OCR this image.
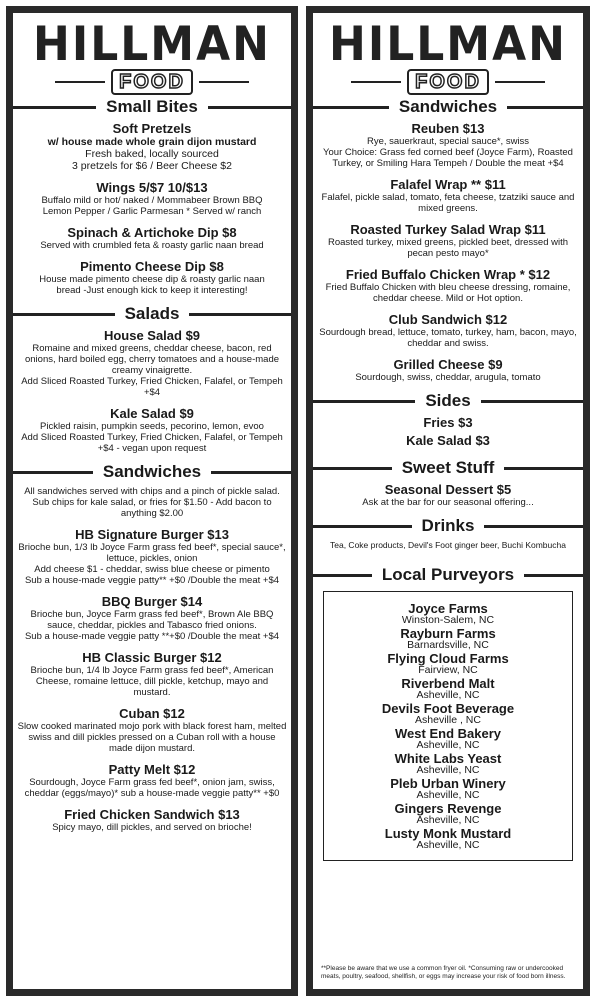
HILLMAN
FOOD
Small Bites
Soft Pretzels
w/ house made whole grain dijon mustard
Fresh baked, locally sourced
3 pretzels for $6 / Beer Cheese $2
Wings 5/$7 10/$13
Buffalo mild or hot/ naked / Mommabeer Brown BBQ
Lemon Pepper / Garlic Parmesan * Served w/ ranch
Spinach & Artichoke Dip $8
Served with crumbled feta & roasty garlic naan bread
Pimento Cheese Dip $8
House made pimento cheese dip & roasty garlic naan
bread -Just enough kick to keep it interesting!
Salads
House Salad $9
Romaine and mixed greens, cheddar cheese, bacon, red onions, hard boiled egg, cherry tomatoes and a house-made creamy vinaigrette.
Add Sliced Roasted Turkey, Fried Chicken, Falafel, or Tempeh +$4
Kale Salad $9
Pickled raisin, pumpkin seeds, pecorino, lemon, evoo
Add Sliced Roasted Turkey, Fried Chicken, Falafel, or Tempeh +$4 - vegan upon request
Sandwiches
All sandwiches served with chips and a pinch of pickle salad. Sub chips for kale salad, or fries for $1.50 - Add bacon to anything $2.00
HB Signature Burger $13
Brioche bun, 1/3 lb Joyce Farm grass fed beef*, special sauce*, lettuce, pickles, onion
Add cheese $1 - cheddar, swiss blue cheese or pimento
Sub a house-made veggie patty** +$0 /Double the meat +$4
BBQ Burger $14
Brioche bun, Joyce Farm grass fed beef*, Brown Ale BBQ sauce, cheddar, pickles and Tabasco fried onions.
Sub a house-made veggie patty **+$0 /Double the meat +$4
HB Classic Burger $12
Brioche bun, 1/4 lb Joyce Farm grass fed beef*, American Cheese, romaine lettuce, dill pickle, ketchup, mayo and mustard.
Cuban $12
Slow cooked marinated mojo pork with black forest ham, melted swiss and dill pickles pressed on a Cuban roll with a house made dijon mustard.
Patty Melt $12
Sourdough, Joyce Farm grass fed beef*, onion jam, swiss, cheddar (eggs/mayo)* sub a house-made veggie patty** +$0
Fried Chicken Sandwich $13
Spicy mayo, dill pickles, and served on brioche!
HILLMAN
FOOD
Sandwiches
Reuben $13
Rye, sauerkraut, special sauce*, swiss
Your Choice: Grass fed corned beef (Joyce Farm), Roasted Turkey, or Smiling Hara Tempeh / Double the meat +$4
Falafel Wrap ** $11
Falafel, pickle salad, tomato, feta cheese, tzatziki sauce and mixed greens.
Roasted Turkey Salad Wrap $11
Roasted turkey, mixed greens, pickled beet, dressed with pecan pesto mayo*
Fried Buffalo Chicken Wrap * $12
Fried Buffalo Chicken with bleu cheese dressing, romaine, cheddar cheese. Mild or Hot option.
Club Sandwich $12
Sourdough bread, lettuce, tomato, turkey, ham, bacon, mayo, cheddar and swiss.
Grilled Cheese $9
Sourdough, swiss, cheddar, arugula, tomato
Sides
Fries $3
Kale Salad $3
Sweet Stuff
Seasonal Dessert $5
Ask at the bar for our seasonal offering...
Drinks
Tea, Coke products, Devil's Foot ginger beer, Buchi Kombucha
Local Purveyors
Joyce Farms
Winston-Salem, NC
Rayburn Farms
Barnardsville, NC
Flying Cloud Farms
Fairview, NC
Riverbend Malt
Asheville, NC
Devils Foot Beverage
Asheville , NC
West End Bakery
Asheville, NC
White Labs Yeast
Asheville, NC
Pleb Urban Winery
Asheville, NC
Gingers Revenge
Asheville, NC
Lusty Monk Mustard
Asheville, NC
**Please be aware that we use a common fryer oil. *Consuming raw or undercooked meats, poultry, seafood, shellfish, or eggs may increase your risk of food born illness.
